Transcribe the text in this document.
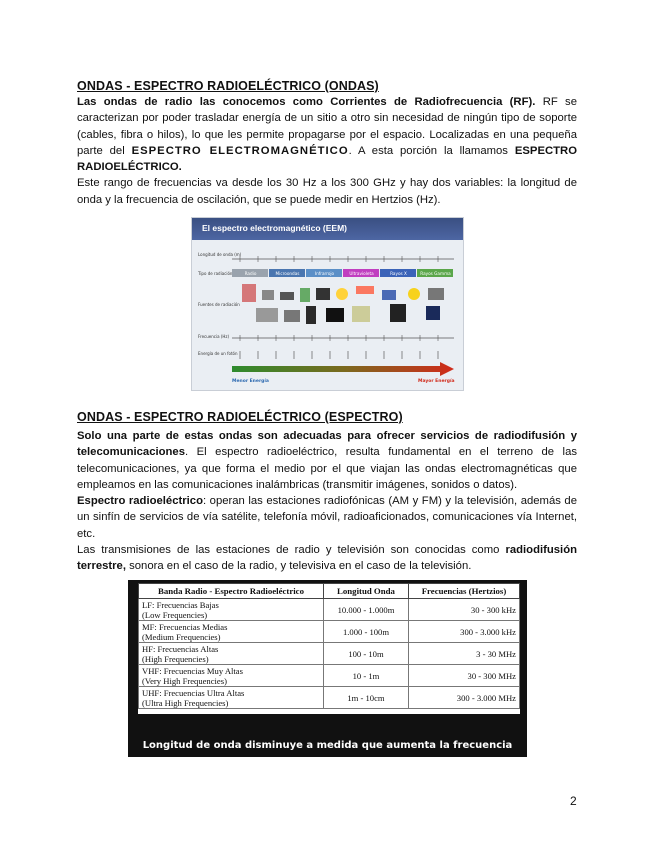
ONDAS - ESPECTRO RADIOELÉCTRICO (ONDAS)

Las ondas de radio las conocemos como Corrientes de Radiofrecuencia (RF). RF se caracterizan por poder trasladar energía de un sitio a otro sin necesidad de ningún tipo de soporte (cables, fibra o hilos), lo que les permite propagarse por el espacio. Localizadas en una pequeña parte del ESPECTRO ELECTROMAGNÉTICO. A esta porción la llamamos ESPECTRO RADIOELÉCTRICO.

Este rango de frecuencias va desde los 30 Hz a los 300 GHz y hay dos variables: la longitud de onda y la frecuencia de oscilación, que se puede medir en Hertzios (Hz).

El espectro electromagnético (EEM)
Longitud de onda (m)
Tipo de radiación
Fuentes de radiación
Frecuencia (Hz)
Energía de un fotón
Radio	Microondas	Infrarrojo	Ultravioleta	Rayos X	Rayos Gamma
Menor Energía	Mayor Energía
ONDAS - ESPECTRO RADIOELÉCTRICO (ESPECTRO)

Solo una parte de estas ondas son adecuadas para ofrecer servicios de radiodifusión y telecomunicaciones. El espectro radioeléctrico, resulta fundamental en el terreno de las telecomunicaciones, ya que forma el medio por el que viajan las ondas electromagnéticas que empleamos en las comunicaciones inalámbricas (transmitir imágenes, sonidos o datos).

Espectro radioeléctrico: operan las estaciones radiofónicas (AM y FM) y la televisión, además de un sinfín de servicios de vía satélite, telefonía móvil, radioaficionados, comunicaciones vía Internet, etc.

Las transmisiones de las estaciones de radio y televisión son conocidas como radiodifusión terrestre, sonora en el caso de la radio, y televisiva en el caso de la televisión.

Banda Radio - Espectro Radioeléctrico	Longitud Onda	Frecuencias (Hertzios)
LF: Frecuencias Bajas
(Low Frequencies)	10.000 - 1.000m	30 - 300 kHz
MF: Frecuencias Medias
(Medium Frequencies)	1.000 - 100m	300 - 3.000 kHz
HF: Frecuencias Altas
(High Frequencies)	100 - 10m	3 - 30 MHz
VHF: Frecuencias Muy Altas
(Very High Frequencies)	10 - 1m	30 - 300 MHz
UHF: Frecuencias Ultra Altas
(Ultra High Frequencies)	1m - 10cm	300 - 3.000 MHz
Longitud de onda disminuye a medida que aumenta la frecuencia
2
